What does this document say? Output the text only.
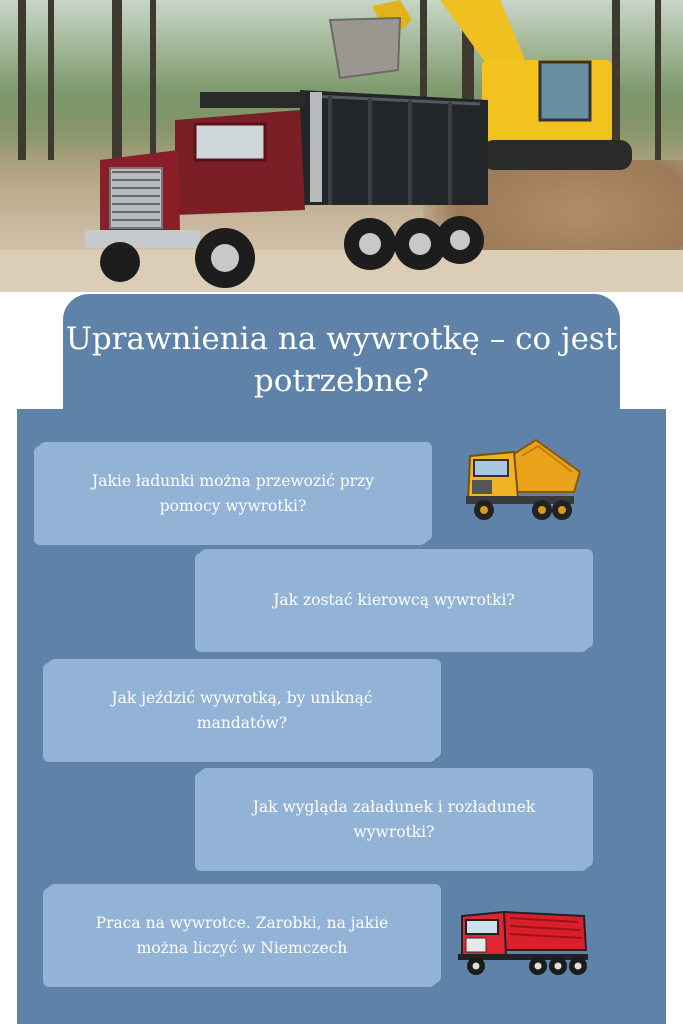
Uprawnienia na wywrotkę – co jest potrzebne?
Jakie ładunki można przewozić przy pomocy wywrotki?
Jak zostać kierowcą wywrotki?
Jak jeździć wywrotką, by uniknąć mandatów?
Jak wygląda załadunek i rozładunek wywrotki?
Praca na wywrotce. Zarobki, na jakie można liczyć w Niemczech
